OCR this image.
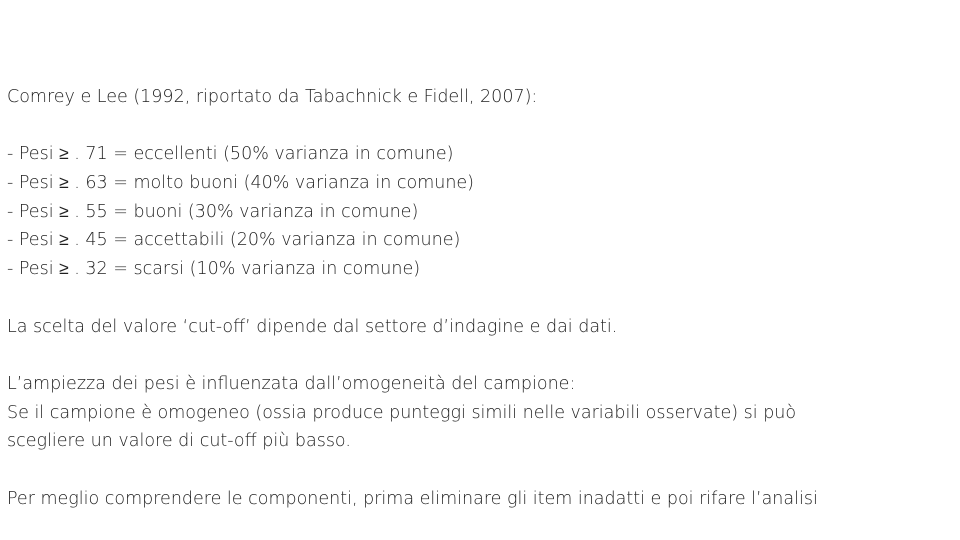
Comrey e Lee (1992, riportato da Tabachnick e Fidell, 2007):
- Pesi ≥ . 71 = eccellenti (50% varianza in comune)
- Pesi ≥ . 63 = molto buoni (40% varianza in comune)
- Pesi ≥ . 55 = buoni (30% varianza in comune)
- Pesi ≥ . 45 = accettabili (20% varianza in comune)
- Pesi ≥ . 32 = scarsi (10% varianza in comune)
La scelta del valore ‘cut-off’ dipende dal settore d’indagine e dai dati.
L’ampiezza dei pesi è influenzata dall’omogeneità del campione:
Se il campione è omogeneo (ossia produce punteggi simili nelle variabili osservate) si può
scegliere un valore di cut-off più basso.
Per meglio comprendere le componenti, prima eliminare gli item inadatti e poi rifare l’analisi
